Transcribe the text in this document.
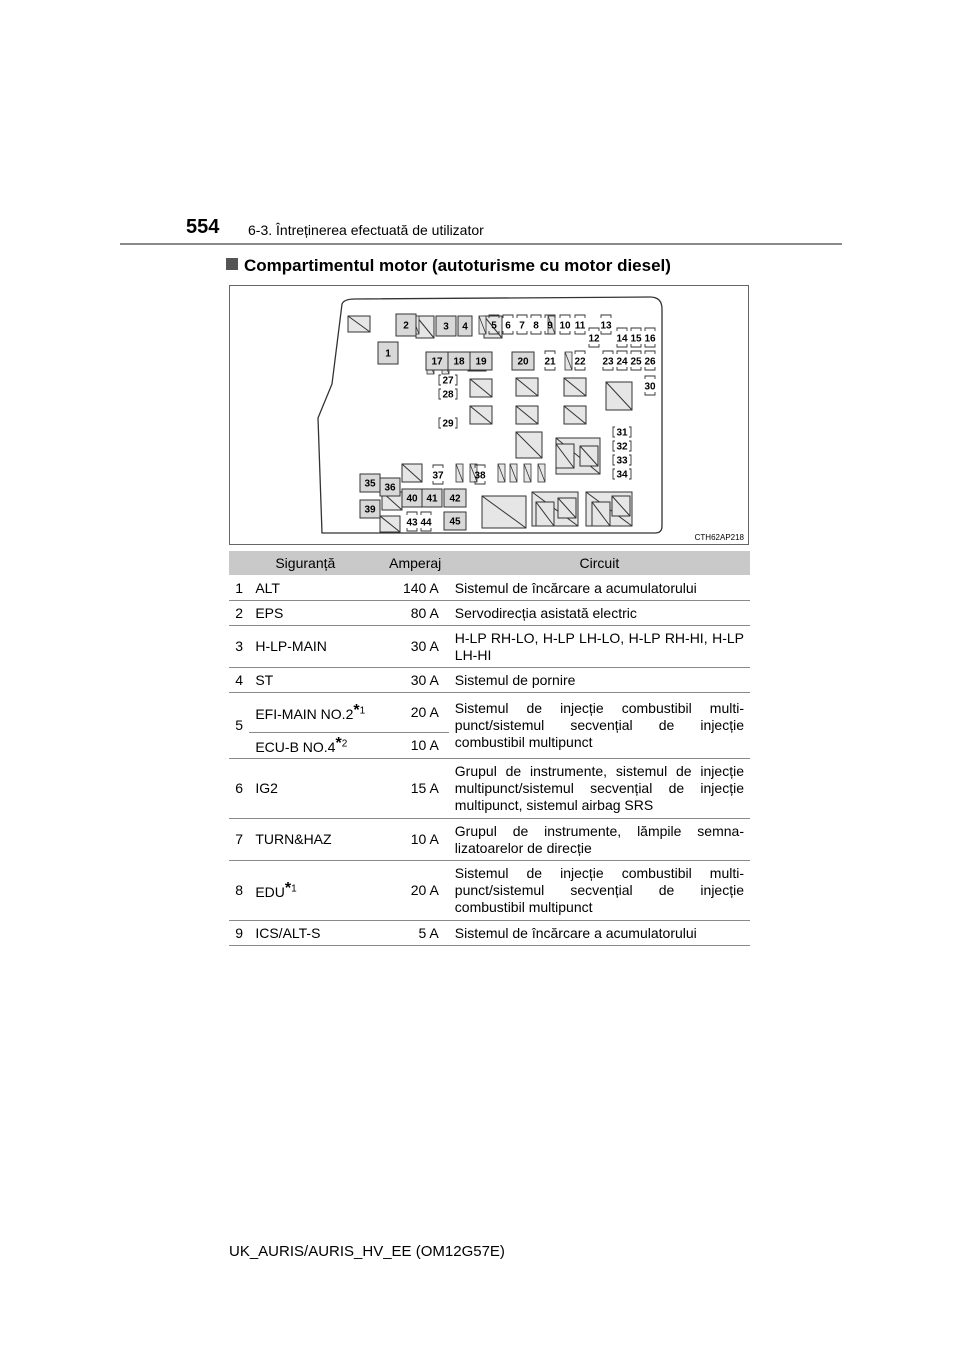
554 6-3. Întreținerea efectuată de utilizator
Compartimentul motor (autoturisme cu motor diesel)
1
2	3 4
17 18 19	20
35 36
39
40 41 42
45
5 6 7 8 9 10 11 13
12 14 15 16
21 22 23 24 25 26
30
27
28
29
31
32
33
34
37	38
43 44
CTH62AP218
Siguranță		Amperaj	Circuit
1	ALT	140 A	Sistemul de încărcare a acumulatorului
2	EPS	80 A	Servodirecția asistată electric
3	H-LP-MAIN	30 A	H-LP RH-LO, H-LP LH-LO, H-LP RH-HI, H-LP LH-HI
4	ST	30 A	Sistemul de pornire
5	EFI-MAIN NO.2*$^1$	20 A	Sistemul de injecție combustibil multi-punct/sistemul secvențial de injecție combustibil multipunct
	ECU-B NO.4*$^2$	10 A	
6	IG2	15 A	Grupul de instrumente, sistemul de injecție multipunct/sistemul secvențial de injecție multipunct, sistemul airbag SRS
7	TURN&HAZ	10 A	Grupul de instrumente, lămpile semna-lizatoarelor de direcție
8	EDU*$^1$	20 A	Sistemul de injecție combustibil multi-punct/sistemul secvențial de injecție combustibil multipunct
9	ICS/ALT-S	5 A	Sistemul de încărcare a acumulatorului
UK_AURIS/AURIS_HV_EE (OM12G57E)
